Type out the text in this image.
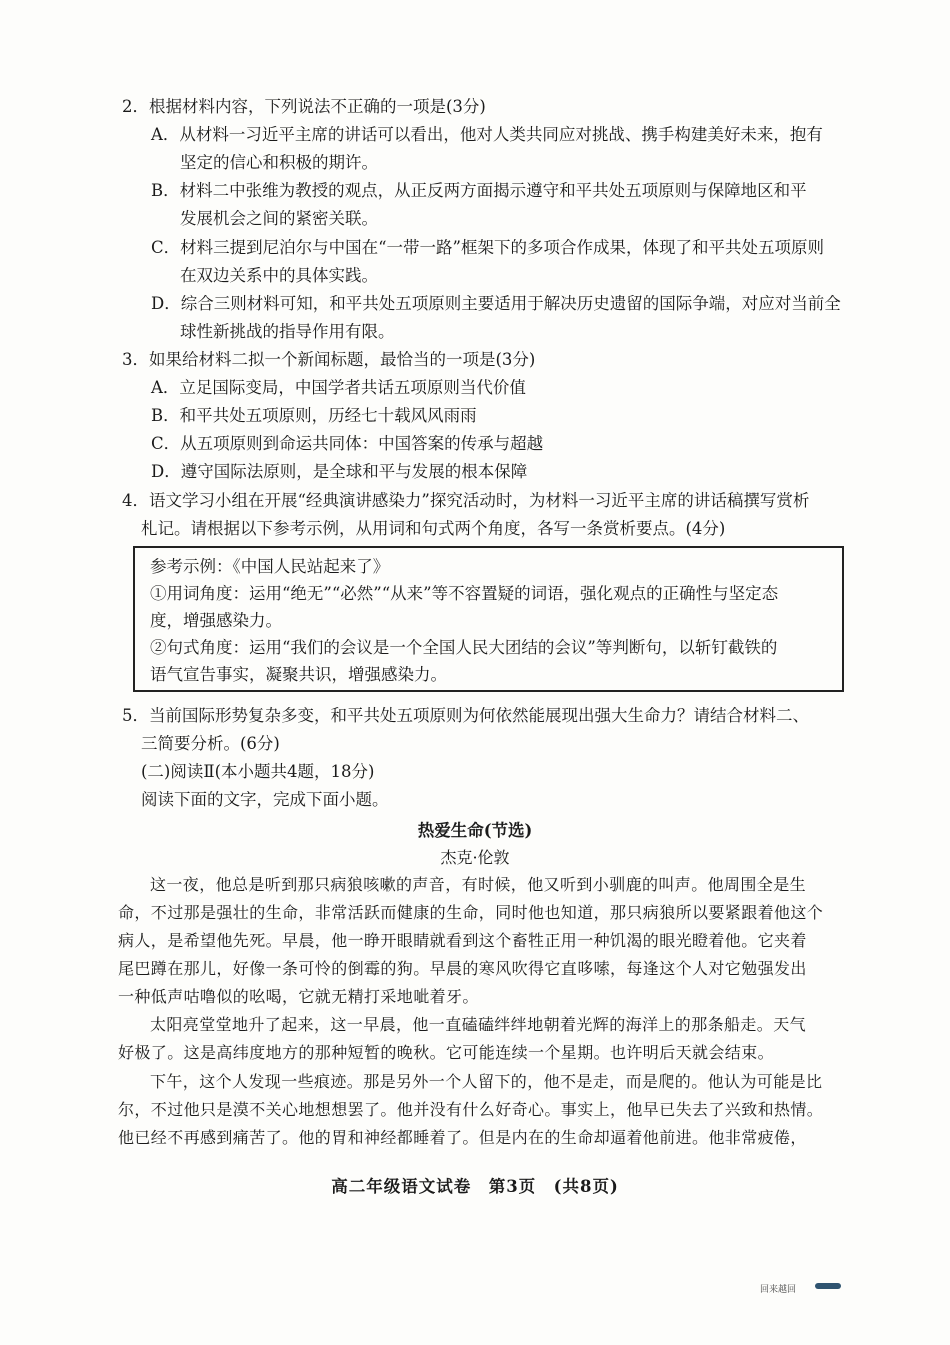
2．根据材料内容，下列说法不正确的一项是(3分)
A．从材料一习近平主席的讲话可以看出，他对人类共同应对挑战、携手构建美好未来，抱有
坚定的信心和积极的期许。
B．材料二中张维为教授的观点，从正反两方面揭示遵守和平共处五项原则与保障地区和平
发展机会之间的紧密关联。
C．材料三提到尼泊尔与中国在“一带一路”框架下的多项合作成果，体现了和平共处五项原则
在双边关系中的具体实践。
D．综合三则材料可知，和平共处五项原则主要适用于解决历史遗留的国际争端，对应对当前全
球性新挑战的指导作用有限。
3．如果给材料二拟一个新闻标题，最恰当的一项是(3分)
A．立足国际变局，中国学者共话五项原则当代价值
B．和平共处五项原则，历经七十载风风雨雨
C．从五项原则到命运共同体：中国答案的传承与超越
D．遵守国际法原则，是全球和平与发展的根本保障
4．语文学习小组在开展“经典演讲感染力”探究活动时，为材料一习近平主席的讲话稿撰写赏析
札记。请根据以下参考示例，从用词和句式两个角度，各写一条赏析要点。(4分)
参考示例：《中国人民站起来了》
①用词角度：运用“绝无”“必然”“从来”等不容置疑的词语，强化观点的正确性与坚定态
度，增强感染力。
②句式角度：运用“我们的会议是一个全国人民大团结的会议”等判断句，以斩钉截铁的
语气宣告事实，凝聚共识，增强感染力。
5．当前国际形势复杂多变，和平共处五项原则为何依然能展现出强大生命力？请结合材料二、
三简要分析。(6分)
(二)阅读Ⅱ(本小题共4题，18分)
阅读下面的文字，完成下面小题。
热爱生命(节选)
杰克·伦敦
这一夜，他总是听到那只病狼咳嗽的声音，有时候，他又听到小驯鹿的叫声。他周围全是生
命，不过那是强壮的生命，非常活跃而健康的生命，同时他也知道，那只病狼所以要紧跟着他这个
病人，是希望他先死。早晨，他一睁开眼睛就看到这个畜牲正用一种饥渴的眼光瞪着他。它夹着
尾巴蹲在那儿，好像一条可怜的倒霉的狗。早晨的寒风吹得它直哆嗦，每逢这个人对它勉强发出
一种低声咕噜似的吆喝，它就无精打采地呲着牙。
太阳亮堂堂地升了起来，这一早晨，他一直磕磕绊绊地朝着光辉的海洋上的那条船走。天气
好极了。这是高纬度地方的那种短暂的晚秋。它可能连续一个星期。也许明后天就会结束。
下午，这个人发现一些痕迹。那是另外一个人留下的，他不是走，而是爬的。他认为可能是比
尔，不过他只是漠不关心地想想罢了。他并没有什么好奇心。事实上，他早已失去了兴致和热情。
他已经不再感到痛苦了。他的胃和神经都睡着了。但是内在的生命却逼着他前进。他非常疲倦，
高二年级语文试卷　第3页　(共8页)
回来越回
